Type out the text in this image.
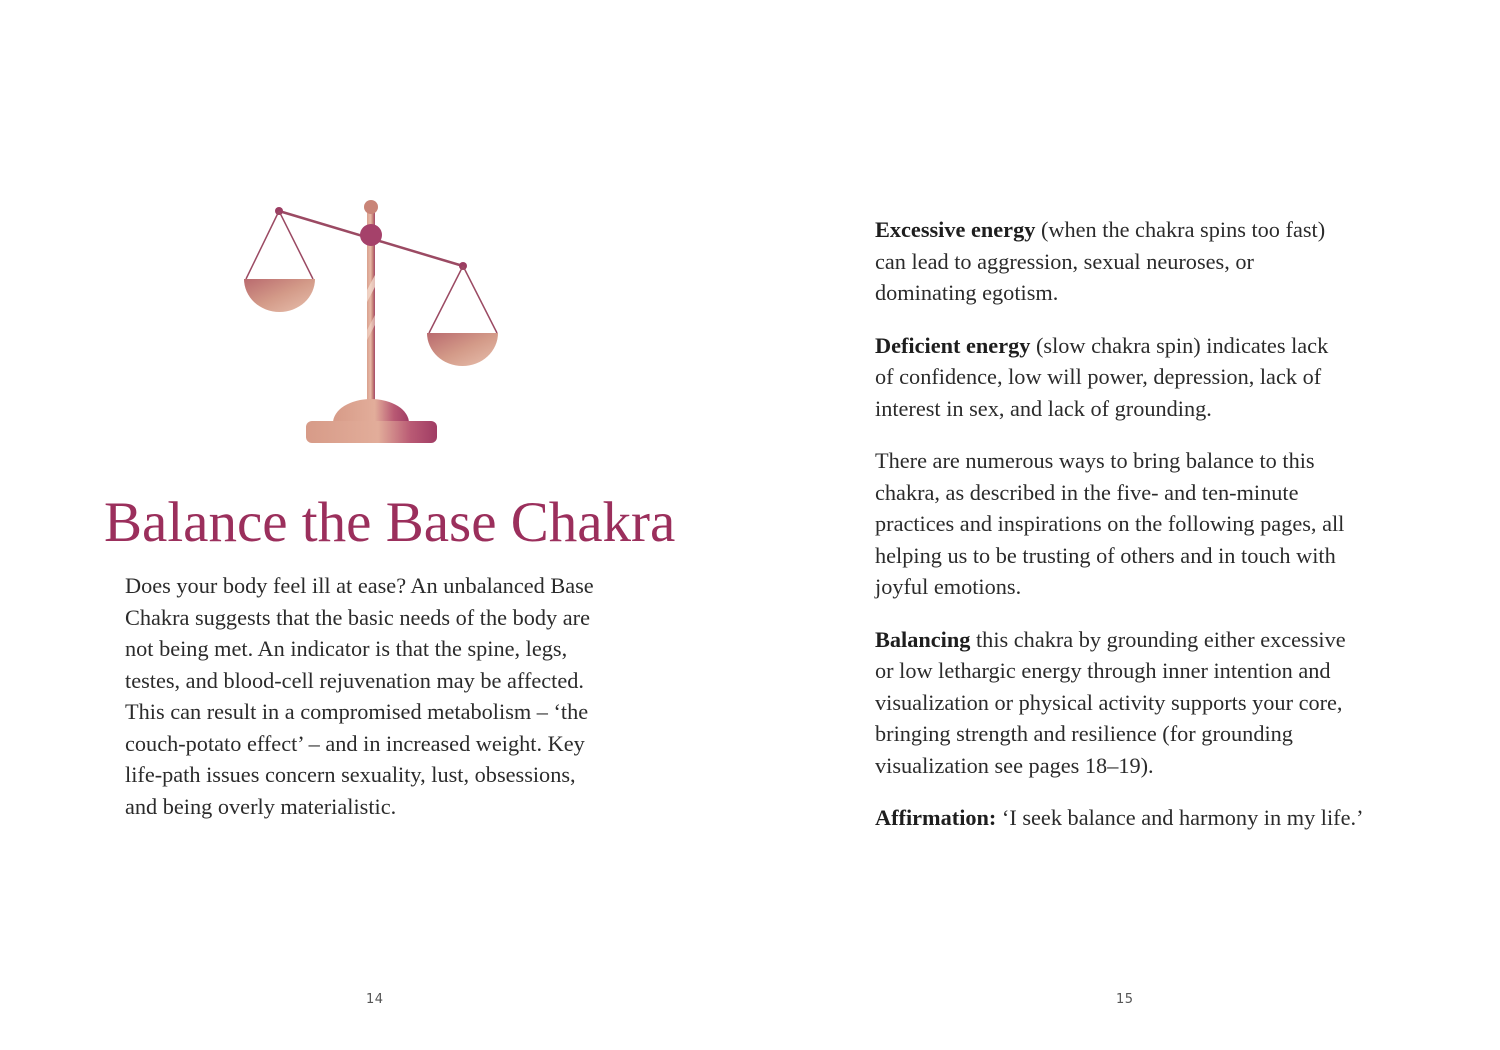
Balance the Base Chakra

Does your body feel ill at ease? An unbalanced Base
Chakra suggests that the basic needs of the body are
not being met. An indicator is that the spine, legs,
testes, and blood-cell rejuvenation may be affected.
This can result in a compromised metabolism – ‘the
couch-potato effect’ – and in increased weight. Key
life-path issues concern sexuality, lust, obsessions,
and being overly materialistic.

14

Excessive energy (when the chakra spins too fast)
can lead to aggression, sexual neuroses, or
dominating egotism.

Deficient energy (slow chakra spin) indicates lack
of confidence, low will power, depression, lack of
interest in sex, and lack of grounding.

There are numerous ways to bring balance to this
chakra, as described in the five- and ten-minute
practices and inspirations on the following pages, all
helping us to be trusting of others and in touch with
joyful emotions.

Balancing this chakra by grounding either excessive
or low lethargic energy through inner intention and
visualization or physical activity supports your core,
bringing strength and resilience (for grounding
visualization see pages 18–19).

Affirmation: ‘I seek balance and harmony in my life.’

15
